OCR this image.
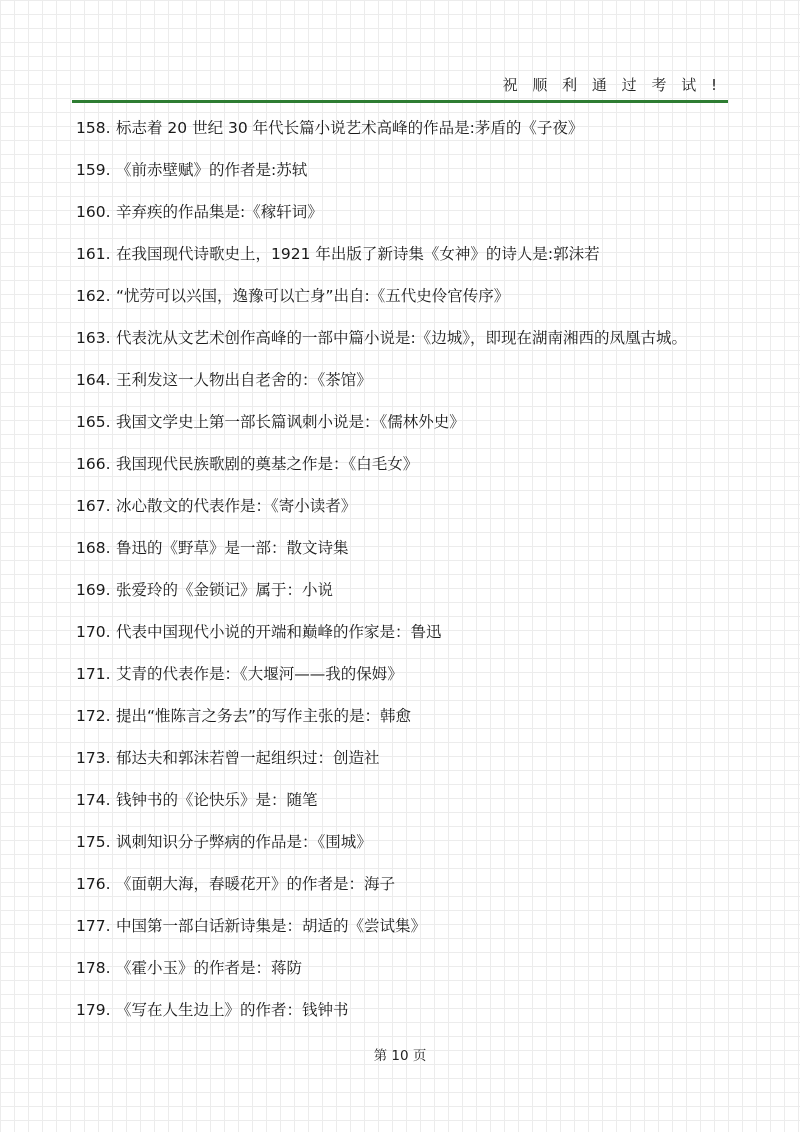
祝 顺 利 通 过 考 试 !
158. 标志着 20 世纪 30 年代长篇小说艺术高峰的作品是:茅盾的《子夜》
159. 《前赤壁赋》的作者是:苏轼
160. 辛弃疾的作品集是:《稼轩词》
161. 在我国现代诗歌史上，1921 年出版了新诗集《女神》的诗人是:郭沫若
162. “忧劳可以兴国，逸豫可以亡身”出自:《五代史伶官传序》
163. 代表沈从文艺术创作高峰的一部中篇小说是:《边城》，即现在湖南湘西的凤凰古城。
164. 王利发这一人物出自老舍的：《茶馆》
165. 我国文学史上第一部长篇讽刺小说是：《儒林外史》
166. 我国现代民族歌剧的奠基之作是：《白毛女》
167. 冰心散文的代表作是：《寄小读者》
168. 鲁迅的《野草》是一部：散文诗集
169. 张爱玲的《金锁记》属于：小说
170. 代表中国现代小说的开端和巅峰的作家是：鲁迅
171. 艾青的代表作是：《大堰河——我的保姆》
172. 提出“惟陈言之务去”的写作主张的是：韩愈
173. 郁达夫和郭沫若曾一起组织过：创造社
174. 钱钟书的《论快乐》是：随笔
175. 讽刺知识分子弊病的作品是：《围城》
176. 《面朝大海，春暖花开》的作者是：海子
177. 中国第一部白话新诗集是：胡适的《尝试集》
178. 《霍小玉》的作者是：蒋防
179. 《写在人生边上》的作者：钱钟书
第 10 页
